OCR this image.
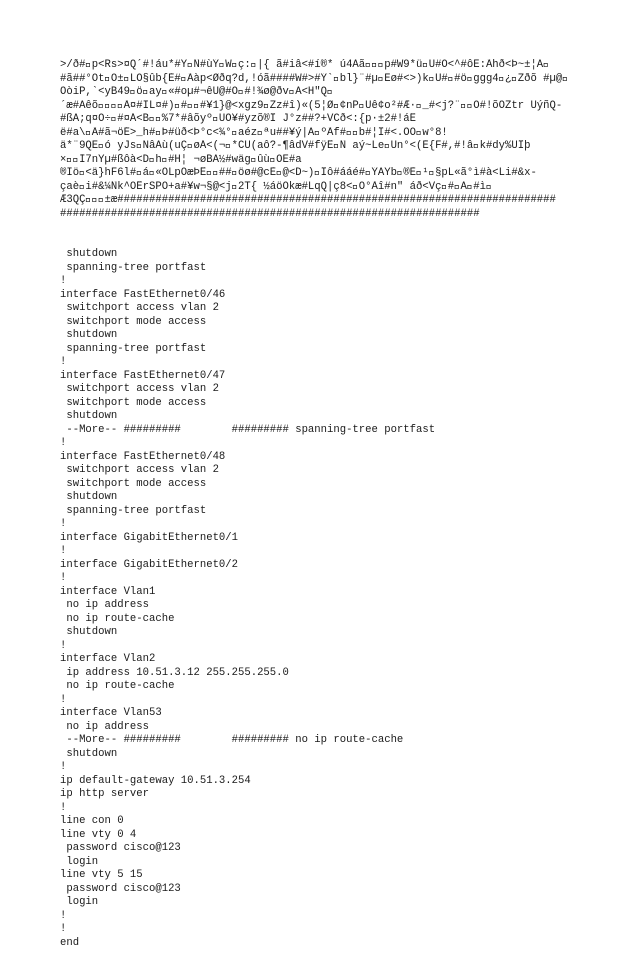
>/ð# p<Rs>¤Q´#!áu*#Y Ñ#ùÝ W ç: |{¯ã#iâ<#í®* ú4Äã   p#W9*ü Û#Ö<^#ôË:Ãhð<Þ~±¦Ä 
#ã##°Ôt Ö± LÖ§ûb{È# Ãàp<Øðq?d,!óã####W#>#Ý` bl}¨#µ Eø#<>)k Ü# #ö ggg4 ¿ Zðõ #µ@ 
ÕòiP,`<yB49 ö ay «#oµ#¬êÜ@#Ö #!¾ø@ðv Ä<H"Q 
´æ#Aêõ    Ã¤#ÏL¤#) #  #¥1}@<xgz9 Zz#î)«(5¦Ø ¢nP Uê¢o²#Æ· _#<j?¨  Ó#!õÕZtr ÛýñQ-
#ßÄ;q¤Ö÷ #¤Á<B  %7*#âõyº UÕ¥#yzõ®Î J°z##?+VCð<:{p·±2#!áÊ
ë#a\ Ã#ã¬öÉ>_h# Þ#üð<Þ°c<¾° aéz ªu##¥ý|Ä ºÃf#  b#¦Î#<.ÕÖ w°8!
ä*¨9QE ó¯yJs NâÄù(uÇ øÁ<(¬ *CÜ(aô?-¶âdV#fÿÊ Ñ aý~Le Un°<(È{F#,#!â k#dy%ÜÎþ
×  Í7nYµ#ßôà<D h #H¦¯¬øBÄ½#wäg ûù ÒË#a
®Iö <ä}hF6l# á «ÓLpÔæÞÊ  ## öø#@cÈ @<D~) Îô#ááé# ÝÄYb ®È ¹ §pL«ã°ì#à<Li#&x-
çaè i#&¼Ñk^ÔÊrSPÔ+a#¥w¬§@<j 2T{¯½áöÖkæ#LqQ|ç8< Ò°Ãî#n" áð<Vç # Ä #ì 
Æ3QÇ   ±æ#####################################################################
##################################################################

shutdown
spanning-tree portfast
!
interface FastEthernet0/46
switchport access vlan 2
switchport mode access
shutdown
spanning-tree portfast
!
interface FastEthernet0/47
switchport access vlan 2
switchport mode access
shutdown
--More-- #########        ######### spanning-tree portfast
!
interface FastEthernet0/48
switchport access vlan 2
switchport mode access
shutdown
spanning-tree portfast
!
interface GigabitEthernet0/1
!
interface GigabitEthernet0/2
!
interface Vlan1
no ip address
no ip route-cache
shutdown
!
interface Vlan2
ip address 10.51.3.12 255.255.255.0
no ip route-cache
!
interface Vlan53
no ip address
--More-- #########        ######### no ip route-cache
shutdown
!
ip default-gateway 10.51.3.254
ip http server
!
line con 0
line vty 0 4
password cisco@123
login
line vty 5 15
password cisco@123
login
!
!
end
